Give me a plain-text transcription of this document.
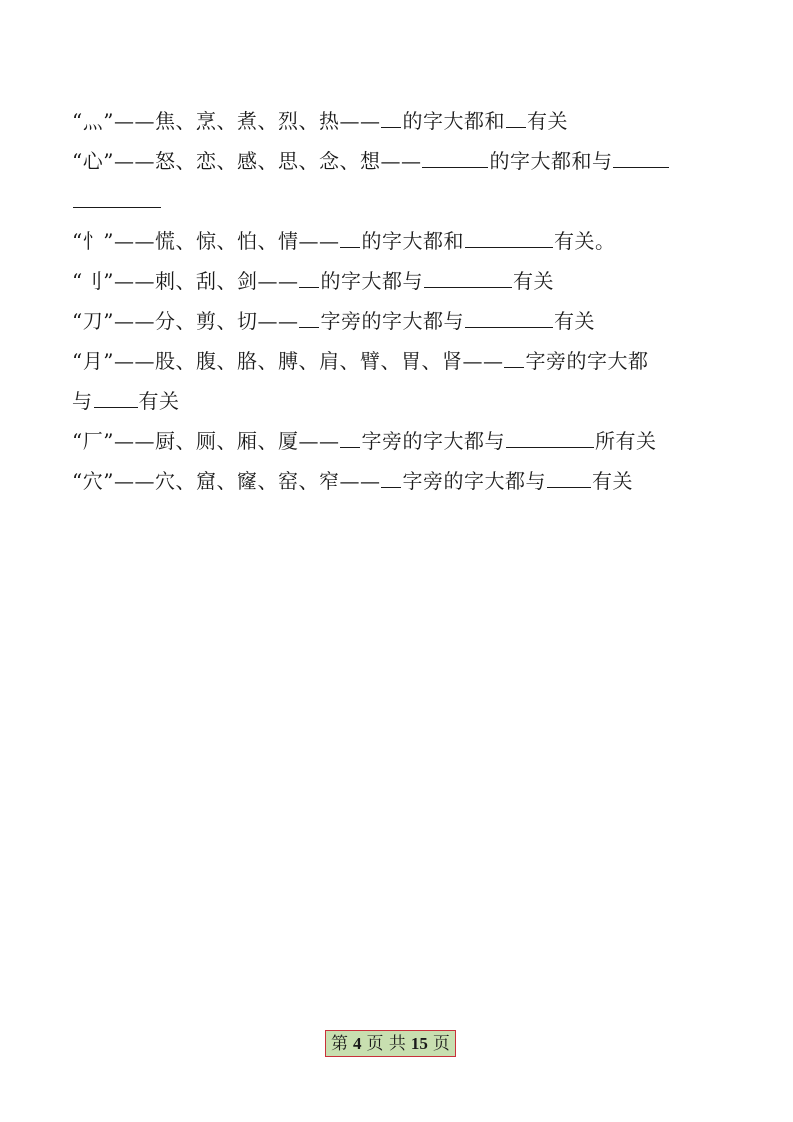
“灬”——焦、烹、煮、烈、热—— 的字大都和 有关
“心”——怒、恋、感、思、念、想——	的字大都和与
“忄”——慌、惊、怕、情—— 的字大都和	有关。
“刂”——刺、刮、剑—— 的字大都与	有关
“刀”——分、剪、切—— 字旁的字大都与	有关
“月”——股、腹、胳、膊、肩、臂、胃、肾—— 字旁的字大都
与 有关
“厂”——厨、厕、厢、厦—— 字旁的字大都与	所有关
“穴”——穴、窟、窿、窑、窄—— 字旁的字大都与 有关
第 4 页 共 15 页
